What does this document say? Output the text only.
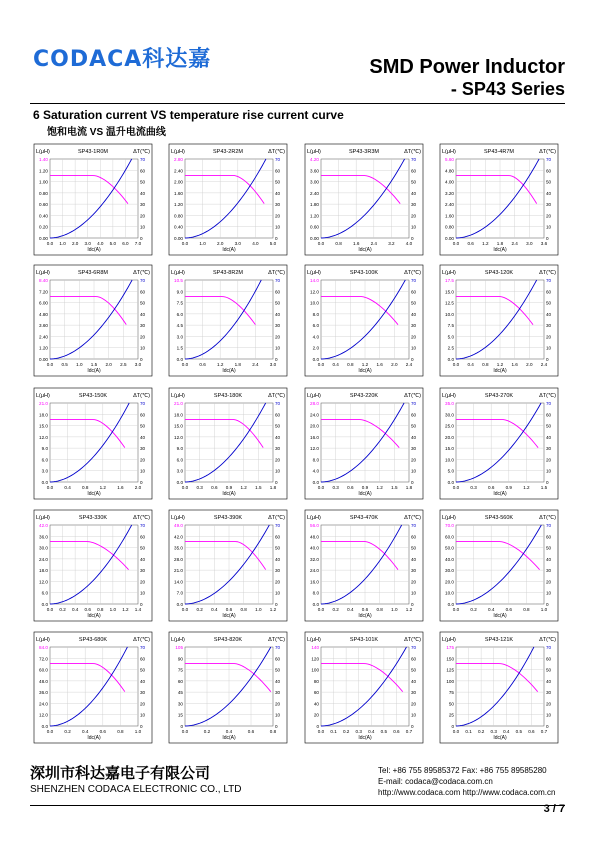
CODACA科达嘉	SMD Power Inductor
- SP43 Series
6 Saturation current VS temperature rise current curve
饱和电流 VS 温升电流曲线
L(μH)	ΔT(℃)
SP43-1R0M
1.40
1.20
1.00
0.80
0.60
0.40
0.20
0.00
70
60
50
40
30
20
10
0
0.0 1.0 2.0 3.0 4.0 5.0 6.0 7.0
Idc(A)
L(μH)	ΔT(℃)
SP43-2R2M
2.80
2.40
2.00
1.60
1.20
0.80
0.40
0.00
70
60
50
40
30
20
10
0
0.0 1.0 2.0 3.0 4.0 5.0
Idc(A)
L(μH)	ΔT(℃)
SP43-3R3M
4.20
3.60
3.00
2.40
1.80
1.20
0.60
0.00
70
60
50
40
30
20
10
0
0.0 0.8 1.6 2.4 3.2 4.0
Idc(A)
L(μH)	ΔT(℃)
SP43-4R7M
5.60
4.80
4.00
3.20
2.40
1.60
0.80
0.00
70
60
50
40
30
20
10
0
0.0 0.6 1.2 1.8 2.4 3.0 3.6
Idc(A)
L(μH)	ΔT(℃)
SP43-6R8M
8.40
7.20
6.00
4.80
3.60
2.40
1.20
0.00
70
60
50
40
30
20
10
0
0.0 0.5 1.0 1.5 2.0 2.5 3.0
Idc(A)
L(μH)	ΔT(℃)
SP43-8R2M
10.5
9.0
7.5
6.0
4.5
3.0
1.5
0.0
70
60
50
40
30
20
10
0
0.0 0.6 1.2 1.8 2.4 3.0
Idc(A)
L(μH)	ΔT(℃)
SP43-100K
14.0
12.0
10.0
8.0
6.0
4.0
2.0
0.0
70
60
50
40
30
20
10
0
0.0 0.4 0.8 1.2 1.6 2.0 2.4
Idc(A)
L(μH)	ΔT(℃)
SP43-120K
17.5
15.0
12.5
10.0
7.5
5.0
2.5
0.0
70
60
50
40
30
20
10
0
0.0 0.4 0.8 1.2 1.6 2.0 2.4
Idc(A)
L(μH)	ΔT(℃)
SP43-150K
21.0
18.0
15.0
12.0
9.0
6.0
3.0
0.0
70
60
50
40
30
20
10
0
0.0 0.4 0.8 1.2 1.6 2.0
Idc(A)
L(μH)	ΔT(℃)
SP43-180K
21.0
18.0
15.0
12.0
9.0
6.0
3.0
0.0
70
60
50
40
30
20
10
0
0.0 0.3 0.6 0.9 1.2 1.5 1.8
Idc(A)
L(μH)	ΔT(℃)
SP43-220K
28.0
24.0
20.0
16.0
12.0
8.0
4.0
0.0
70
60
50
40
30
20
10
0
0.0 0.3 0.6 0.9 1.2 1.5 1.8
Idc(A)
L(μH)	ΔT(℃)
SP43-270K
35.0
30.0
25.0
20.0
15.0
10.0
5.0
0.0
70
60
50
40
30
20
10
0
0.0 0.3 0.6 0.9 1.2 1.5
Idc(A)
L(μH)	ΔT(℃)
SP43-330K
42.0
36.0
30.0
24.0
18.0
12.0
6.0
0.0
70
60
50
40
30
20
10
0
0.0 0.2 0.4 0.6 0.8 1.0 1.2 1.4
Idc(A)
L(μH)	ΔT(℃)
SP43-390K
49.0
42.0
35.0
28.0
21.0
14.0
7.0
0.0
70
60
50
40
30
20
10
0
0.0 0.2 0.4 0.6 0.8 1.0 1.2
Idc(A)
L(μH)	ΔT(℃)
SP43-470K
56.0
48.0
40.0
32.0
24.0
16.0
8.0
0.0
70
60
50
40
30
20
10
0
0.0 0.2 0.4 0.6 0.8 1.0 1.2
Idc(A)
L(μH)	ΔT(℃)
SP43-560K
70.0
60.0
50.0
40.0
30.0
20.0
10.0
0.0
70
60
50
40
30
20
10
0
0.0 0.2 0.4 0.6 0.8 1.0
Idc(A)
L(μH)	ΔT(℃)
SP43-680K
84.0
72.0
60.0
48.0
36.0
24.0
12.0
0.0
70
60
50
40
30
20
10
0
0.0 0.2 0.4 0.6 0.8 1.0
Idc(A)
L(μH)	ΔT(℃)
SP43-820K
105
90
75
60
45
30
15
0
70
60
50
40
30
20
10
0
0.0	0.2	0.4	0.6	0.8
Idc(A)
L(μH)	ΔT(℃)
SP43-101K
140
120
100
80
60
40
20
0
70
60
50
40
30
20
10
0
0.0 0.1 0.2 0.3 0.4 0.5 0.6 0.7
Idc(A)
L(μH)	ΔT(℃)
SP43-121K
175
150
125
100
75
50
25
0
70
60
50
40
30
20
10
0
0.0 0.1 0.2 0.3 0.4 0.5 0.6 0.7
Idc(A)
深圳市科达嘉电子有限公司
SHENZHEN CODACA ELECTRONIC CO., LTD
Tel: +86 755 89585372 Fax: +86 755 89585280
E-mail: codaca@codaca.com.cn
http://www.codaca.com http://www.codaca.com.cn
3 / 7
